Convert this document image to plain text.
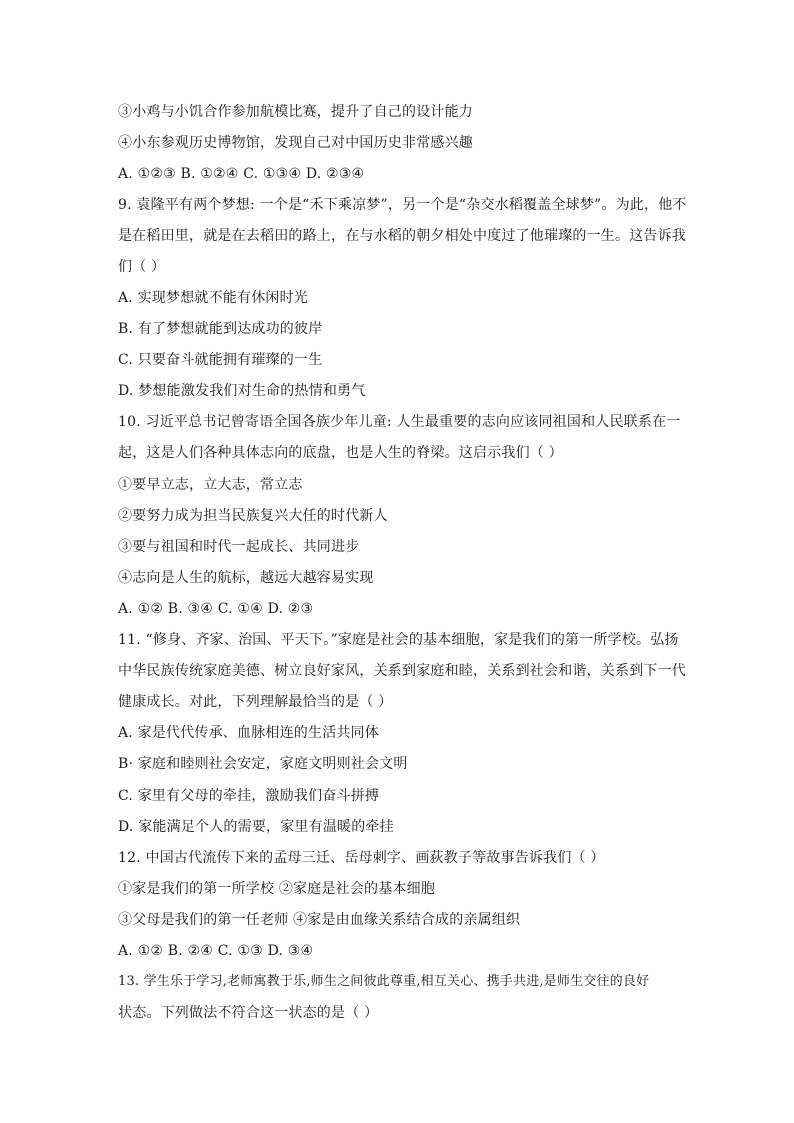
③小鸡与小饥合作参加航模比赛，提升了自己的设计能力
④小东参观历史博物馆，发现自己对中国历史非常感兴趣
A. ①②③ B. ①②④ C. ①③④ D. ②③④
9. 袁隆平有两个梦想: 一个是“禾下乘凉梦”，另一个是“杂交水稻覆盖全球梦”。为此，他不
是在稻田里，就是在去稻田的路上，在与水稻的朝夕相处中度过了他璀璨的一生。这告诉我
们（ ）
A. 实现梦想就不能有休闲时光
B. 有了梦想就能到达成功的彼岸
C. 只要奋斗就能拥有璀璨的一生
D. 梦想能激发我们对生命的热情和勇气
10. 习近平总书记曾寄语全国各族少年儿童: 人生最重要的志向应该同祖国和人民联系在一
起，这是人们各种具体志向的底盘，也是人生的脊梁。这启示我们（ ）
①要早立志，立大志，常立志
②要努力成为担当民族复兴大任的时代新人
③要与祖国和时代一起成长、共同进步
④志向是人生的航标，越远大越容易实现
A. ①② B. ③④ C. ①④ D. ②③
11. “修身、齐家、治国、平天下。”家庭是社会的基本细胞，家是我们的第一所学校。弘扬
中华民族传统家庭美德、树立良好家风，关系到家庭和睦，关系到社会和谐，关系到下一代
健康成长。对此，下列理解最恰当的是（ ）
A. 家是代代传承、血脉相连的生活共同体
B· 家庭和睦则社会安定，家庭文明则社会文明
C. 家里有父母的牵挂，激励我们奋斗拼搏
D. 家能满足个人的需要，家里有温暖的牵挂
12. 中国古代流传下来的孟母三迁、岳母刺字、画荻教子等故事告诉我们（ ）
①家是我们的第一所学校 ②家庭是社会的基本细胞
③父母是我们的第一任老师 ④家是由血缘关系结合成的亲属组织
A. ①② B. ②④ C. ①③ D. ③④
13. 学生乐于学习,老师寓教于乐,师生之间彼此尊重,相互关心、携手共进,是师生交往的良好
状态。下列做法不符合这一状态的是（ ）
